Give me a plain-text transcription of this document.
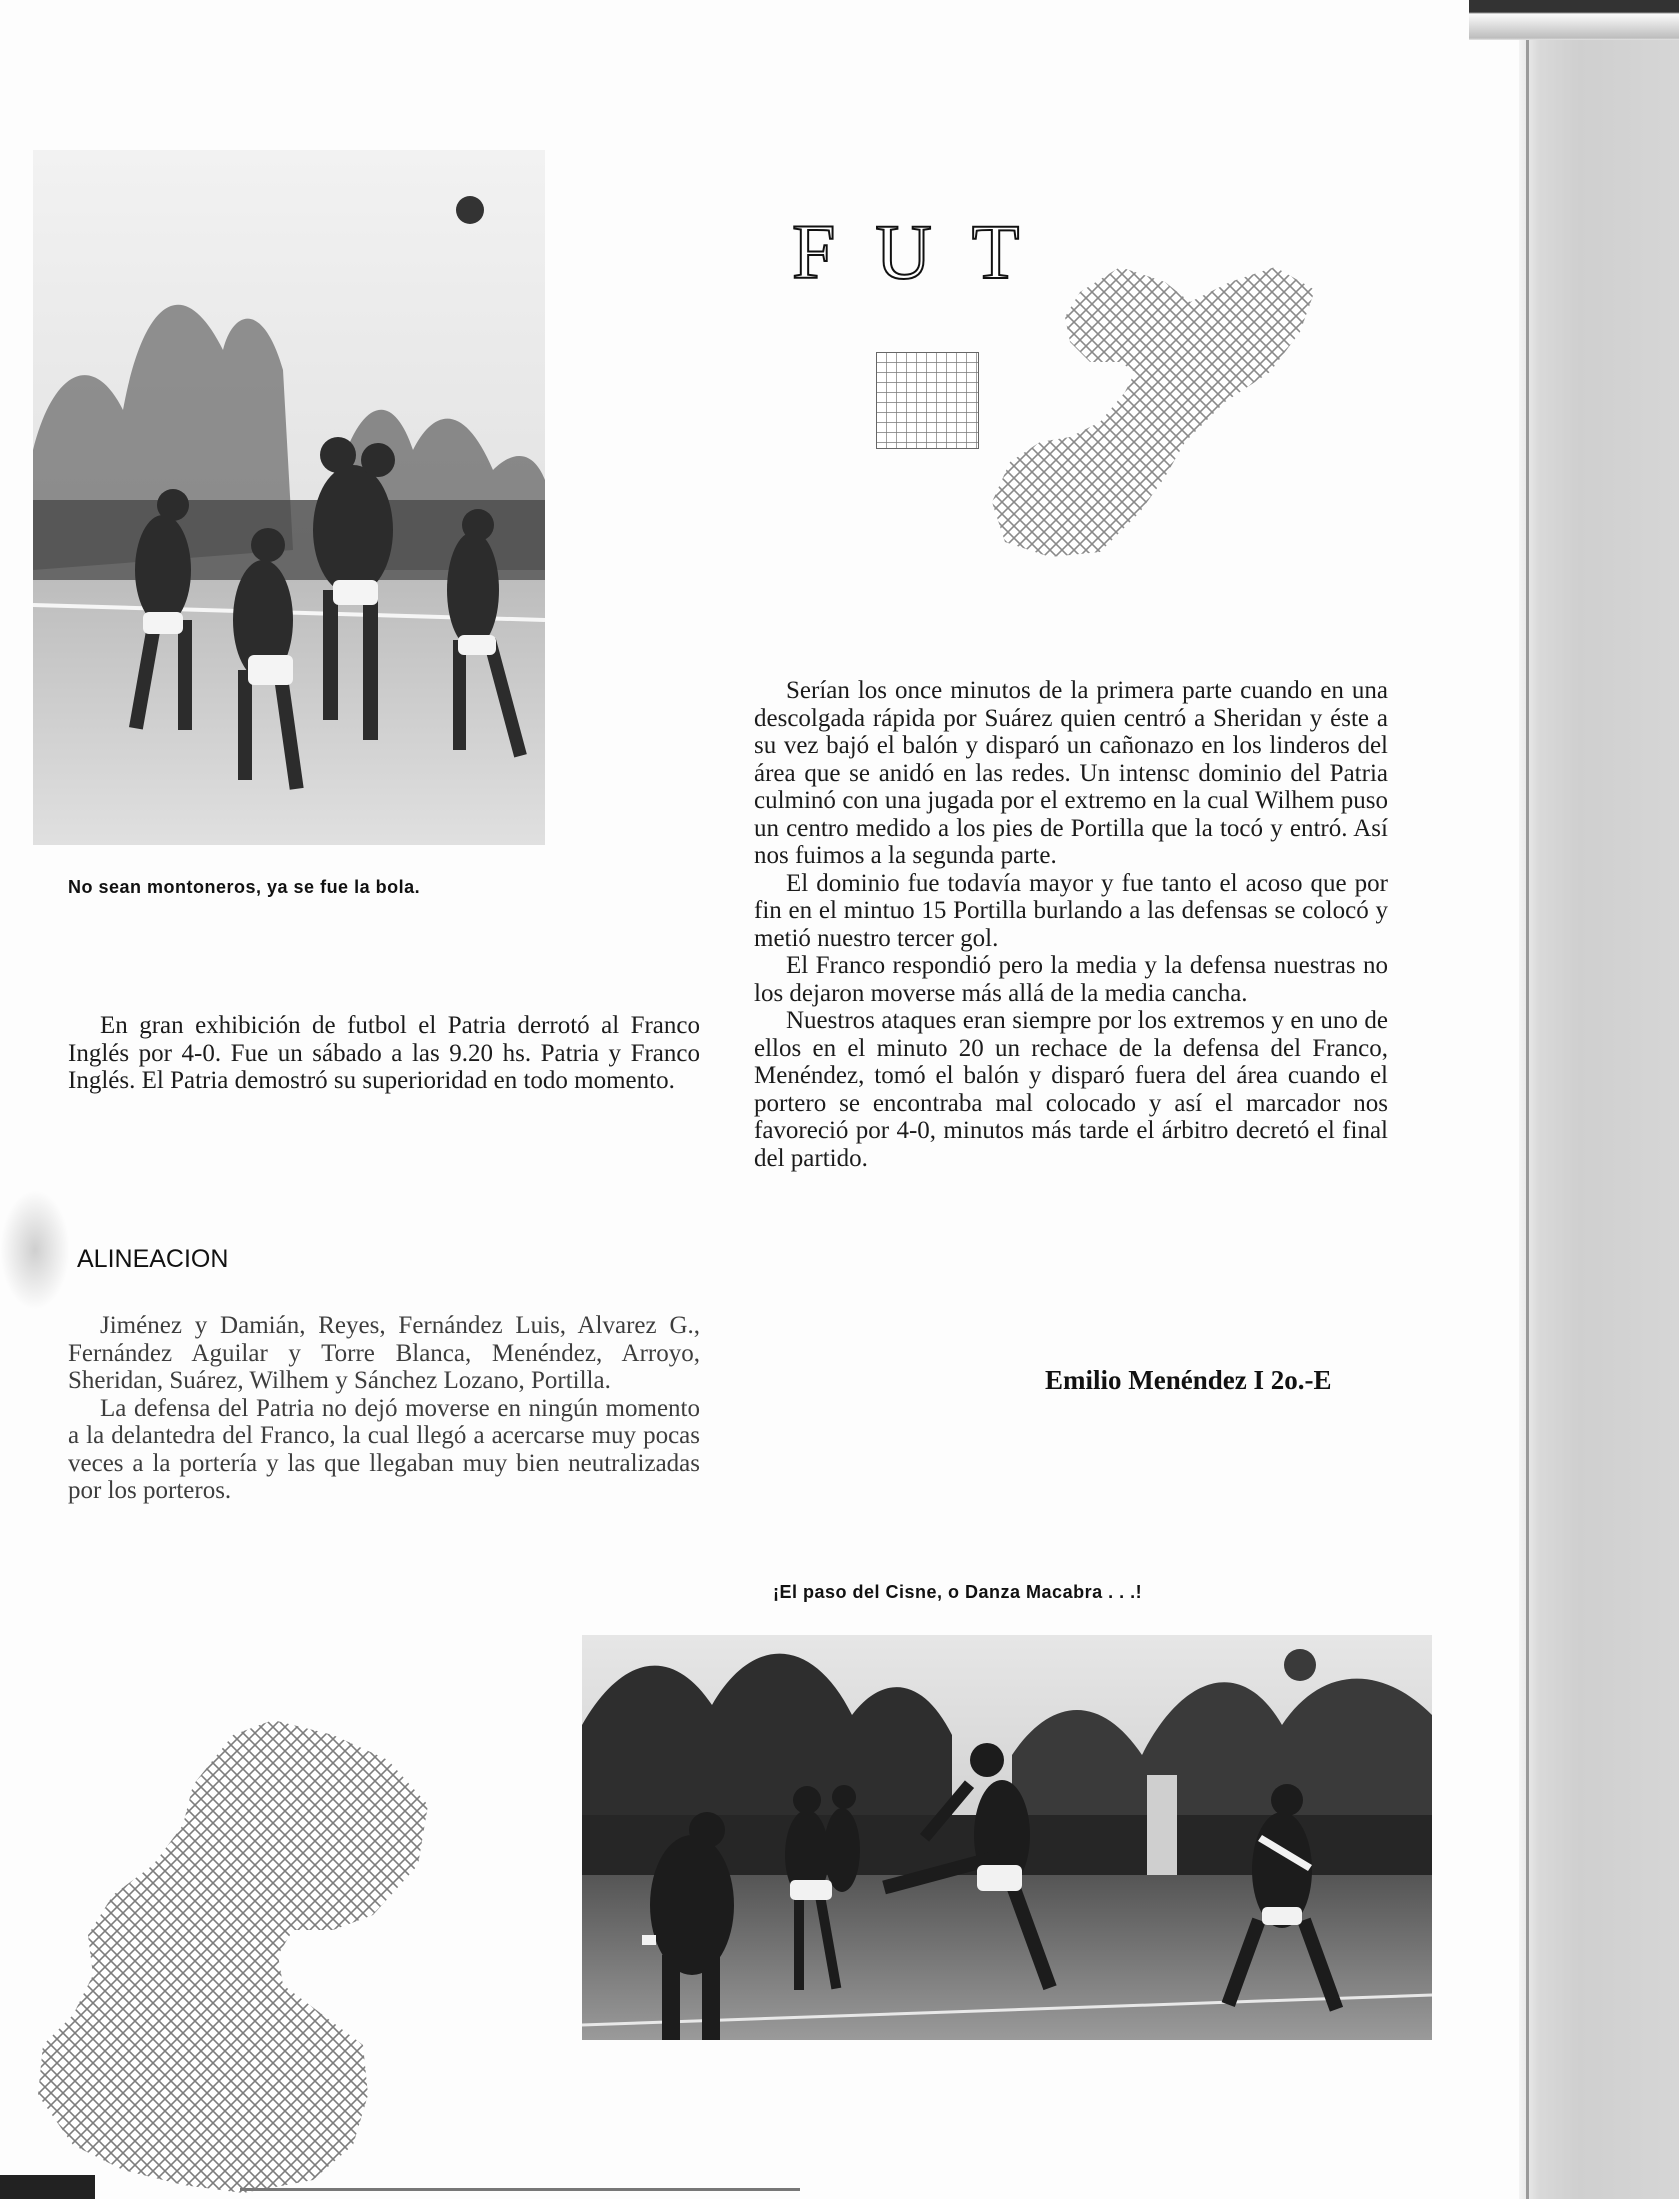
FUT
No sean montoneros, ya se fue la bola.

En gran exhibición de futbol el Patria derrotó al Franco Inglés por 4-0. Fue un sábado a las 9.20 hs. Patria y Franco Inglés. El Patria demostró su superioridad en todo momento.

ALINEACION

Jiménez y Damián, Reyes, Fernández Luis, Alvarez G., Fernández Aguilar y Torre Blanca, Menéndez, Arroyo, Sheridan, Suárez, Wilhem y Sánchez Lozano, Portilla.

La defensa del Patria no dejó moverse en ningún momento a la delantedra del Franco, la cual llegó a acercarse muy pocas veces a la portería y las que llegaban muy bien neutralizadas por los porteros.

Serían los once minutos de la primera parte cuando en una descolgada rápida por Suárez quien centró a Sheridan y éste a su vez bajó el balón y disparó un cañonazo en los linderos del área que se anidó en las redes. Un intensc dominio del Patria culminó con una jugada por el extremo en la cual Wilhem puso un centro medido a los pies de Portilla que la tocó y entró. Así nos fuimos a la segunda parte.

El dominio fue todavía mayor y fue tanto el acoso que por fin en el mintuo 15 Portilla burlando a las defensas se colocó y metió nuestro tercer gol.

El Franco respondió pero la media y la defensa nuestras no los dejaron moverse más allá de la media cancha.

Nuestros ataques eran siempre por los extremos y en uno de ellos en el minuto 20 un rechace de la defensa del Franco, Menéndez, tomó el balón y disparó fuera del área cuando el portero se encontraba mal colocado y así el marcador nos favoreció por 4-0, minutos más tarde el árbitro decretó el final del partido.

Emilio Menéndez I 2o.-E
¡El paso del Cisne, o Danza Macabra . . .!
